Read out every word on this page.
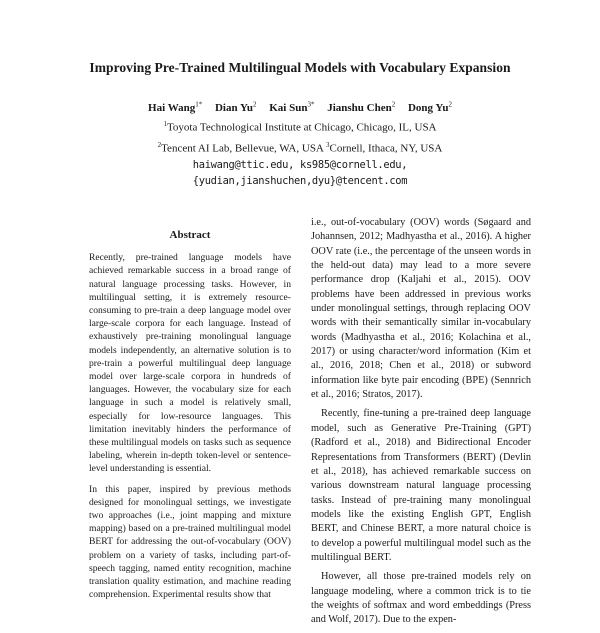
Improving Pre-Trained Multilingual Models with Vocabulary Expansion
Hai Wang$^{1*}$ Dian Yu$^2$ Kai Sun$^{3*}$ Jianshu Chen$^2$ Dong Yu$^2$
$^1$Toyota Technological Institute at Chicago, Chicago, IL, USA
$^2$Tencent AI Lab, Bellevue, WA, USA $^3$Cornell, Ithaca, NY, USA
haiwang@ttic.edu, ks985@cornell.edu,
{yudian,jianshuchen,dyu}@tencent.com
Abstract
Recently, pre-trained language models have achieved remarkable success in a broad range of natural language processing tasks. However, in multilingual setting, it is extremely resource-consuming to pre-train a deep language model over large-scale corpora for each language. Instead of exhaustively pre-training monolingual language models independently, an alternative solution is to pre-train a powerful multilingual deep language model over large-scale corpora in hundreds of languages. However, the vocabulary size for each language in such a model is relatively small, especially for low-resource languages. This limitation inevitably hinders the performance of these multilingual models on tasks such as sequence labeling, wherein in-depth token-level or sentence-level understanding is essential.
In this paper, inspired by previous methods designed for monolingual settings, we investigate two approaches (i.e., joint mapping and mixture mapping) based on a pre-trained multilingual model BERT for addressing the out-of-vocabulary (OOV) problem on a variety of tasks, including part-of-speech tagging, named entity recognition, machine translation quality estimation, and machine reading comprehension. Experimental results show that

i.e., out-of-vocabulary (OOV) words (Søgaard and Johannsen, 2012; Madhyastha et al., 2016). A higher OOV rate (i.e., the percentage of the unseen words in the held-out data) may lead to a more severe performance drop (Kaljahi et al., 2015). OOV problems have been addressed in previous works under monolingual settings, through replacing OOV words with their semantically similar in-vocabulary words (Madhyastha et al., 2016; Kolachina et al., 2017) or using character/word information (Kim et al., 2016, 2018; Chen et al., 2018) or subword information like byte pair encoding (BPE) (Sennrich et al., 2016; Stratos, 2017).

Recently, fine-tuning a pre-trained deep language model, such as Generative Pre-Training (GPT) (Radford et al., 2018) and Bidirectional Encoder Representations from Transformers (BERT) (Devlin et al., 2018), has achieved remarkable success on various downstream natural language processing tasks. Instead of pre-training many monolingual models like the existing English GPT, English BERT, and Chinese BERT, a more natural choice is to develop a powerful multilingual model such as the multilingual BERT.

However, all those pre-trained models rely on language modeling, where a common trick is to tie the weights of softmax and word embeddings (Press and Wolf, 2017). Due to the expen-
